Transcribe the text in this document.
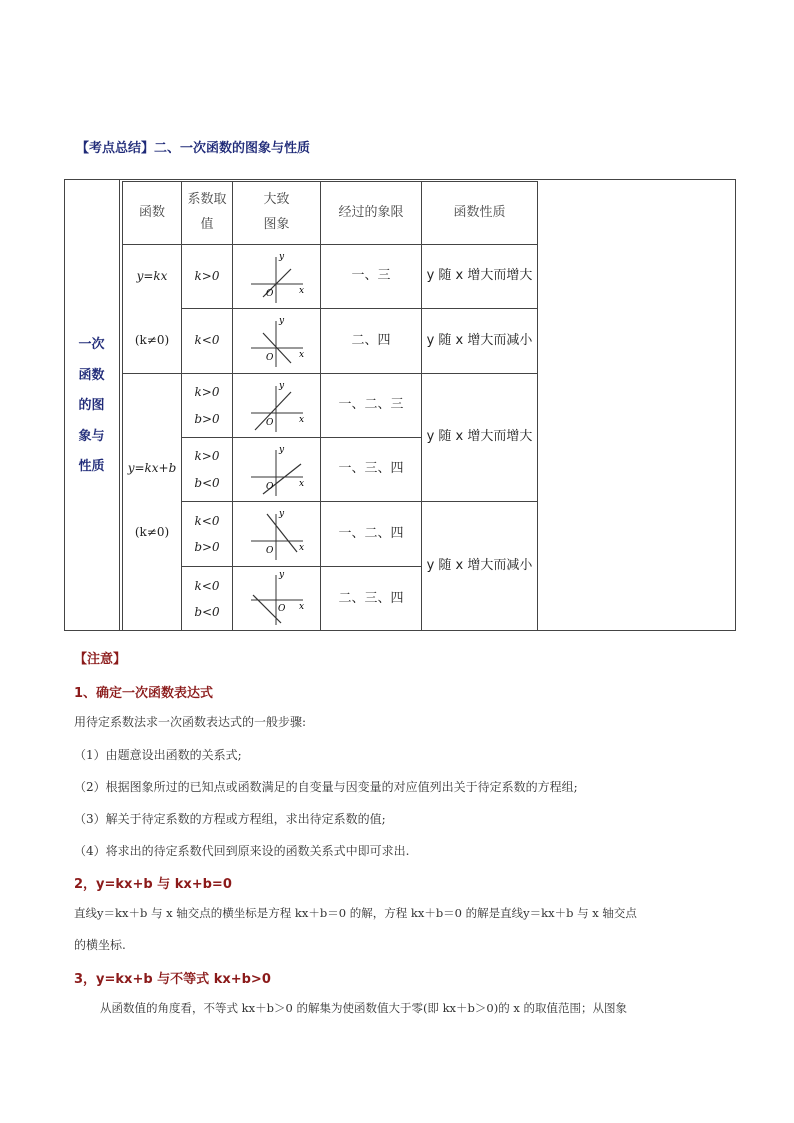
【考点总结】二、一次函数的图象与性质
一次
函数
的图
象与
性质
函数
系数取
值
大致
图象
经过的象限	函数性质
y=kx
(k≠0)
y=kx+b
(k≠0)
k>0
k<0
k>0
b>0
k>0
b<0
k<0
b>0
k<0
b<0
一、三
二、四
一、二、三
一、三、四
一、二、四
二、三、四
y 随 x 增大而增大
y 随 x 增大而减小
y 随 x 增大而增大
y 随 x 增大而减小
y
x
O
y
x
O
y
x
O
y
x
O
y
x
O
y
x
O
【注意】
1、确定一次函数表达式
用待定系数法求一次函数表达式的一般步骤:
（1）由题意设出函数的关系式;
（2）根据图象所过的已知点或函数满足的自变量与因变量的对应值列出关于待定系数的方程组;
（3）解关于待定系数的方程或方程组，求出待定系数的值;
（4）将求出的待定系数代回到原来设的函数关系式中即可求出.
2，y=kx+b 与 kx+b=0
直线y＝kx＋b 与 x 轴交点的横坐标是方程 kx＋b＝0 的解，方程 kx＋b＝0 的解是直线y＝kx＋b 与 x 轴交点
的横坐标.
3，y=kx+b 与不等式 kx+b>0
从函数值的角度看，不等式 kx＋b＞0 的解集为使函数值大于零(即 kx＋b＞0)的 x 的取值范围；从图象
